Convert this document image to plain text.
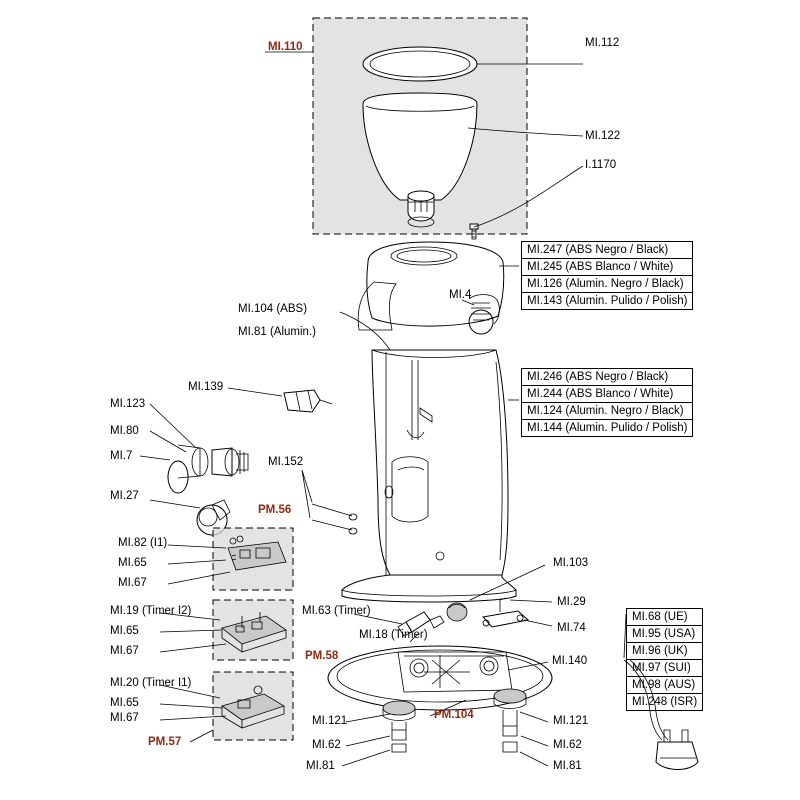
MI.110	MI.112
MI.122
I.1170
MI.4
MI.104 (ABS)
MI.81 (Alumin.)
MI.139
MI.123
MI.80
MI.7	MI.152
MI.27
PM.56
MI.82 (I1)
MI.65
MI.67
MI.103
MI.19 (Timer I2)
MI.29
MI.63 (Timer)
MI.65	MI.74
MI.18 (Timer)
MI.67	PM.58	MI.140
MI.20 (Timer I1)
MI.65
MI.67	MI.121	PM.104	MI.121
PM.57	MI.62	MI.62
MI.81	MI.81
MI.247 (ABS Negro / Black)
MI.245 (ABS Blanco / White)
MI.126 (Alumin. Negro / Black)
MI.143 (Alumin. Pulido / Polish)
MI.246 (ABS Negro / Black)
MI.244 (ABS Blanco / White)
MI.124 (Alumin. Negro / Black)
MI.144 (Alumin. Pulido / Polish)
MI.68 (UE)
MI.95 (USA)
MI.96 (UK)
MI.97 (SUI)
MI.98 (AUS)
MI.248 (ISR)
